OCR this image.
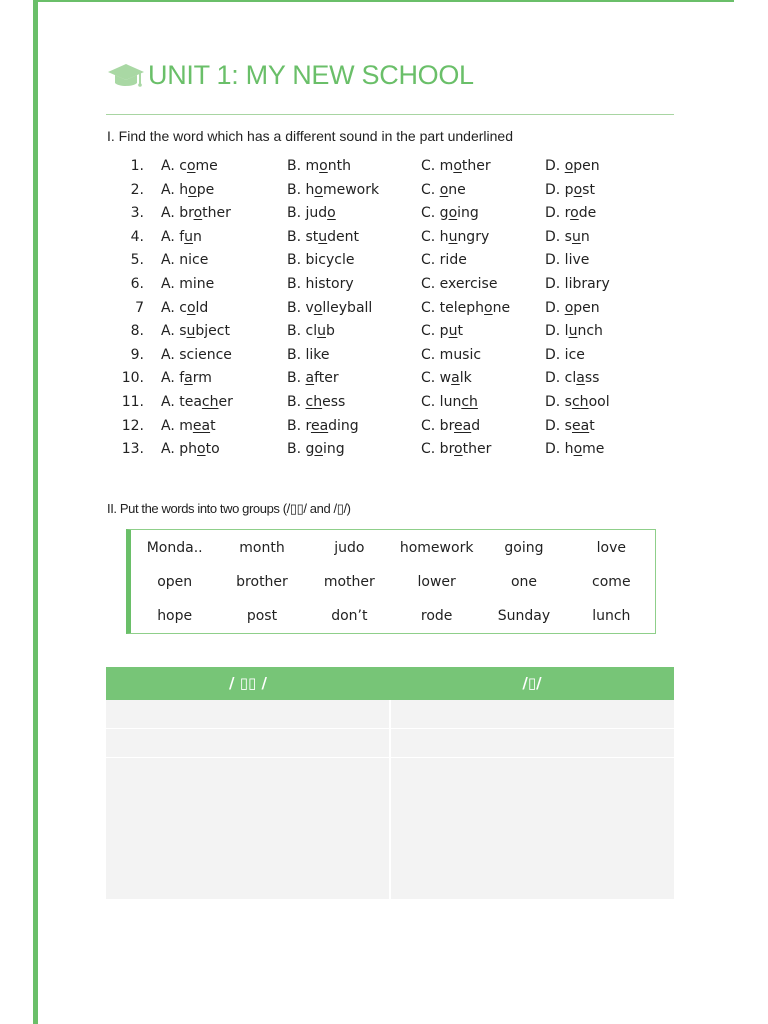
UNIT 1: MY NEW SCHOOL
I. Find the word which has a different sound in the part underlined
1. A. come	B. month	C. mother	D. open
2. A. hope	B. homework	C. one	D. post
3. A. brother	B. judo	C. going	D. rode
4. A. fun	B. student	C. hungry	D. sun
5. A. nice	B. bicycle	C. ride	D. live
6. A. mine	B. history	C. exercise	D. library
7 A. cold	B. volleyball	C. telephone D. open
8. A. subject	B. club	C. put	D. lunch
9. A. science	B. like	C. music	D. ice
10. A. farm	B. after	C. walk	D. class
11. A. teacher	B. chess	C. lunch	D. school
12. A. meat	B. reading	C. bread	D. seat
13. A. photo	B. going	C. brother	D. home
II. Put the words into two groups (/▯▯/ and /▯/)
Monda..	month	judo	homework	going	love
open	brother	mother	lower	one	come
hope	post	don’t	rode	Sunday	lunch
/ ▯▯ /	/▯/
